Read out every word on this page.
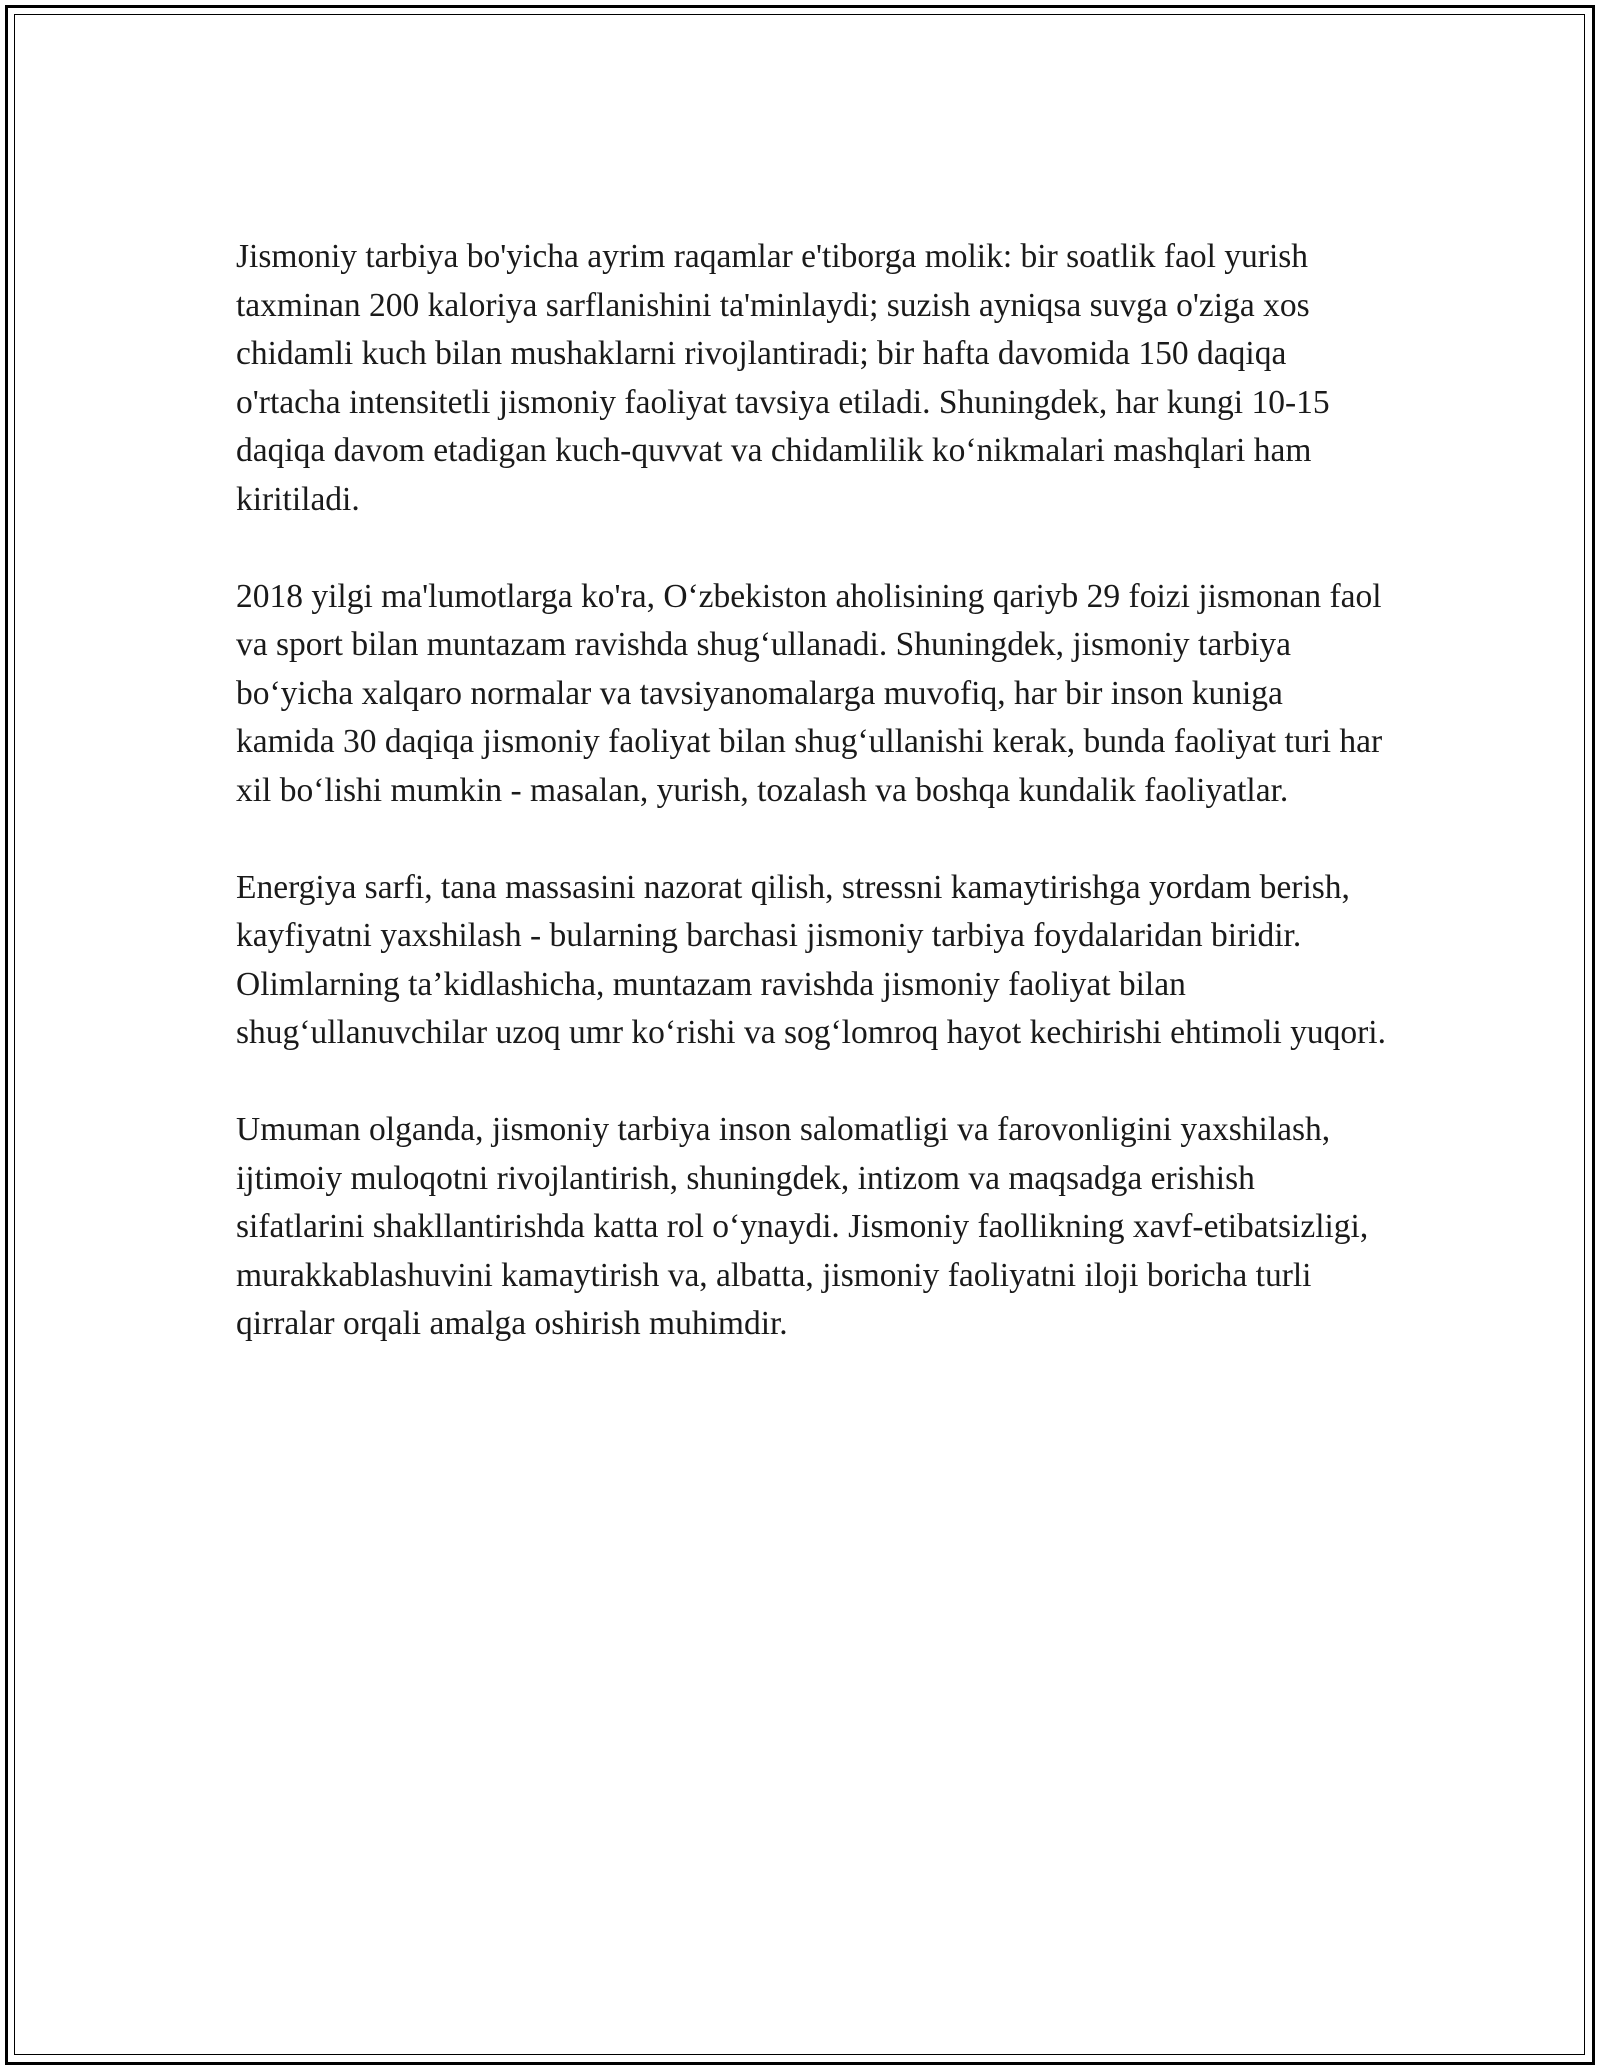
Jismoniy tarbiya bo'yicha ayrim raqamlar e'tiborga molik: bir soatlik faol yurish taxminan 200 kaloriya sarflanishini ta'minlaydi; suzish ayniqsa suvga o'ziga xos chidamli kuch bilan mushaklarni rivojlantiradi; bir hafta davomida 150 daqiqa o'rtacha intensitetli jismoniy faoliyat tavsiya etiladi. Shuningdek, har kungi 10-15 daqiqa davom etadigan kuch-quvvat va chidamlilik ko‘nikmalari mashqlari ham kiritiladi.

2018 yilgi ma'lumotlarga ko'ra, O‘zbekiston aholisining qariyb 29 foizi jismonan faol va sport bilan muntazam ravishda shug‘ullanadi. Shuningdek, jismoniy tarbiya bo‘yicha xalqaro normalar va tavsiyanomalarga muvofiq, har bir inson kuniga kamida 30 daqiqa jismoniy faoliyat bilan shug‘ullanishi kerak, bunda faoliyat turi har xil bo‘lishi mumkin - masalan, yurish, tozalash va boshqa kundalik faoliyatlar.

Energiya sarfi, tana massasini nazorat qilish, stressni kamaytirishga yordam berish, kayfiyatni yaxshilash - bularning barchasi jismoniy tarbiya foydalaridan biridir. Olimlarning ta’kidlashicha, muntazam ravishda jismoniy faoliyat bilan shug‘ullanuvchilar uzoq umr ko‘rishi va sog‘lomroq hayot kechirishi ehtimoli yuqori.

Umuman olganda, jismoniy tarbiya inson salomatligi va farovonligini yaxshilash, ijtimoiy muloqotni rivojlantirish, shuningdek, intizom va maqsadga erishish sifatlarini shakllantirishda katta rol o‘ynaydi. Jismoniy faollikning xavf-etibatsizligi, murakkablashuvini kamaytirish va, albatta, jismoniy faoliyatni iloji boricha turli qirralar orqali amalga oshirish muhimdir.
